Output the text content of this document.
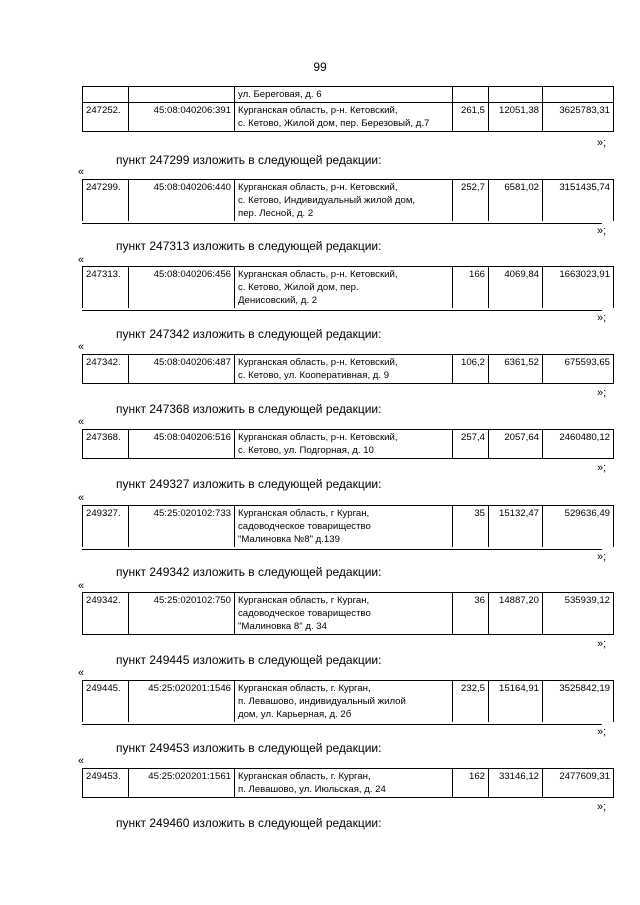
99

		ул. Береговая, д. 6			

247252.	45:08:040206:391	Курганская область, р-н. Кетовский,
с. Кетово, Жилой дом, пер. Березовый, д.7	261,5	12051,38	3625783,31
»;
пункт 247299 изложить в следующей редакции:
«
247299.	45:08:040206:440	Курганская область, р-н. Кетовский,
с. Кетово, Индивидуальный жилой дом,
пер. Лесной, д. 2
	252,7	6581,02	3151435,74
»;
пункт 247313 изложить в следующей редакции:
«
247313.	45:08:040206:456	Курганская область, р-н. Кетовский,
с. Кетово, Жилой дом, пер.
Денисовский, д. 2
	166	4069,84	1663023,91
»;
пункт 247342 изложить в следующей редакции:
«
247342.	45:08:040206:487	Курганская область, р-н. Кетовский,
с. Кетово, ул. Кооперативная, д. 9
	106,2	6361,52	675593,65
»;
пункт 247368 изложить в следующей редакции:
«
247368.	45:08:040206:516	Курганская область, р-н. Кетовский,
с. Кетово, ул. Подгорная, д. 10
	257,4	2057,64	2460480,12
»;
пункт 249327 изложить в следующей редакции:
«
249327.	45:25:020102:733	Курганская область, г Курган,
садоводческое товарищество
"Малиновка №8" д.139
	35	15132,47	529636,49
»;
пункт 249342 изложить в следующей редакции:
«
249342.	45:25:020102:750	Курганская область, г Курган,
садоводческое товарищество
"Малиновка 8" д. 34
	36	14887,20	535939,12
»;
пункт 249445 изложить в следующей редакции:
«
249445.	45:25:020201:1546	Курганская область, г. Курган,
п. Левашово, индивидуальный жилой
дом, ул. Карьерная, д. 2б
	232,5	15164,91	3525842,19
»;
пункт 249453 изложить в следующей редакции:
«
249453.	45:25:020201:1561	Курганская область, г. Курган,
п. Левашово, ул. Июльская, д. 24
	162	33146,12	2477609,31
»;
пункт 249460 изложить в следующей редакции:
